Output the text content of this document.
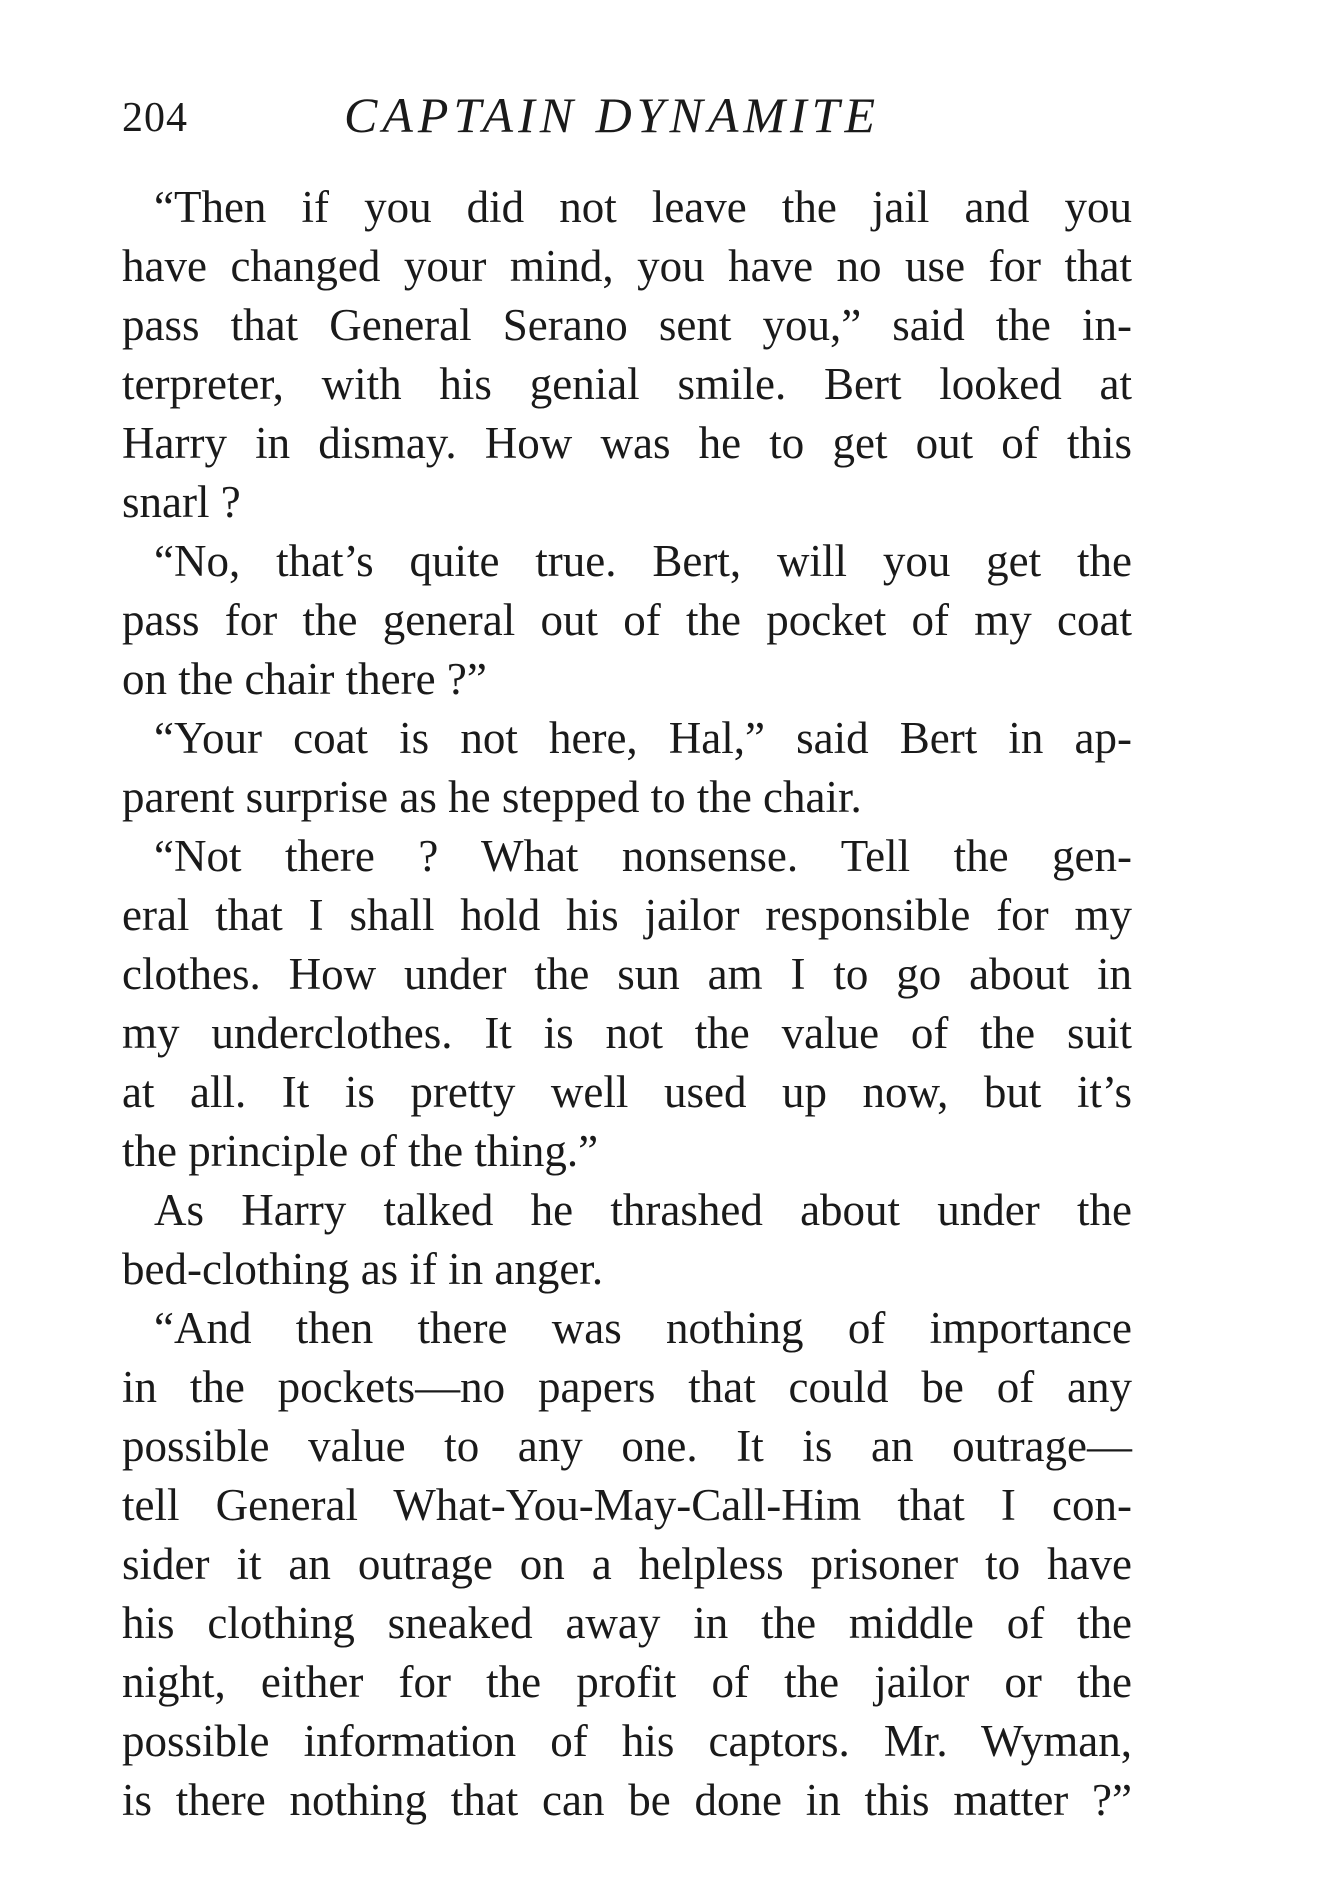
204	CAPTAIN DYNAMITE
“Then if you did not leave the jail and you
have changed your mind, you have no use for that
pass that General Serano sent you,” said the in-
terpreter, with his genial smile. Bert looked at
Harry in dismay. How was he to get out of this
snarl ?
“No, that’s quite true. Bert, will you get the
pass for the general out of the pocket of my coat
on the chair there ?”
“Your coat is not here, Hal,” said Bert in ap-
parent surprise as he stepped to the chair.
“Not there ? What nonsense. Tell the gen-
eral that I shall hold his jailor responsible for my
clothes. How under the sun am I to go about in
my underclothes. It is not the value of the suit
at all. It is pretty well used up now, but it’s
the principle of the thing.”
As Harry talked he thrashed about under the
bed-clothing as if in anger.
“And then there was nothing of importance
in the pockets—no papers that could be of any
possible value to any one. It is an outrage—
tell General What-You-May-Call-Him that I con-
sider it an outrage on a helpless prisoner to have
his clothing sneaked away in the middle of the
night, either for the profit of the jailor or the
possible information of his captors. Mr. Wyman,
is there nothing that can be done in this matter ?”
